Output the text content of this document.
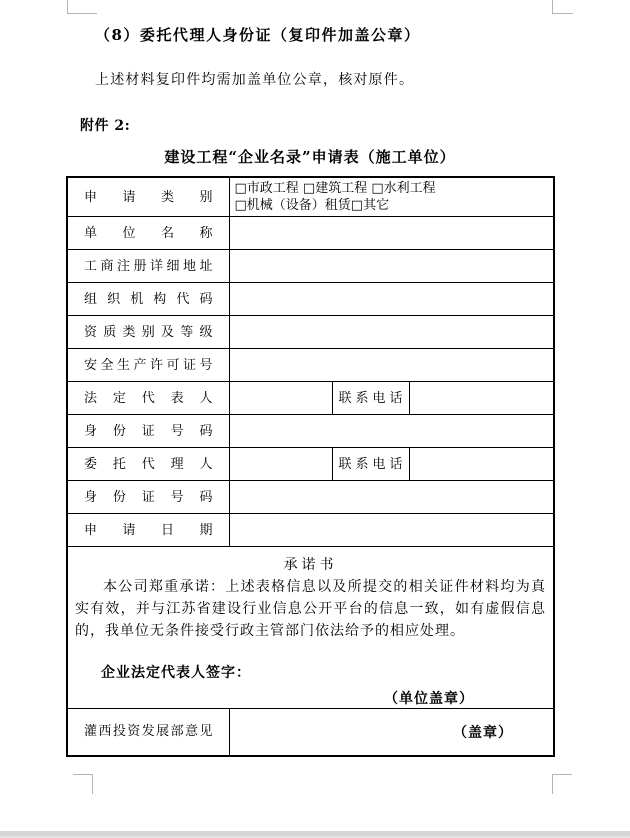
（8）委托代理人身份证（复印件加盖公章）
上述材料复印件均需加盖单位公章，核对原件。
附件 2:
建设工程“企业名录”申请表（施工单位）
申请类别	□市政工程 □建筑工程 □水利工程
□机械（设备）租赁□其它		

单位名称			

工商注册详细地址			

组织机构代码			

资质类别及等级			

安全生产许可证号			

法定代表人		联系电话	

身份证号码			

委托代理人		联系电话	

身份证号码			

申请日期			

承诺书
本公司郑重承诺：上述表格信息以及所提交的相关证件材料均为真实有效，并与江苏省建设行业信息公开平台的信息一致，如有虚假信息的，我单位无条件接受行政主管部门依法给予的相应处理。
企业法定代表人签字：
（单位盖章）			

灌西投资发展部意见	（盖章）		
